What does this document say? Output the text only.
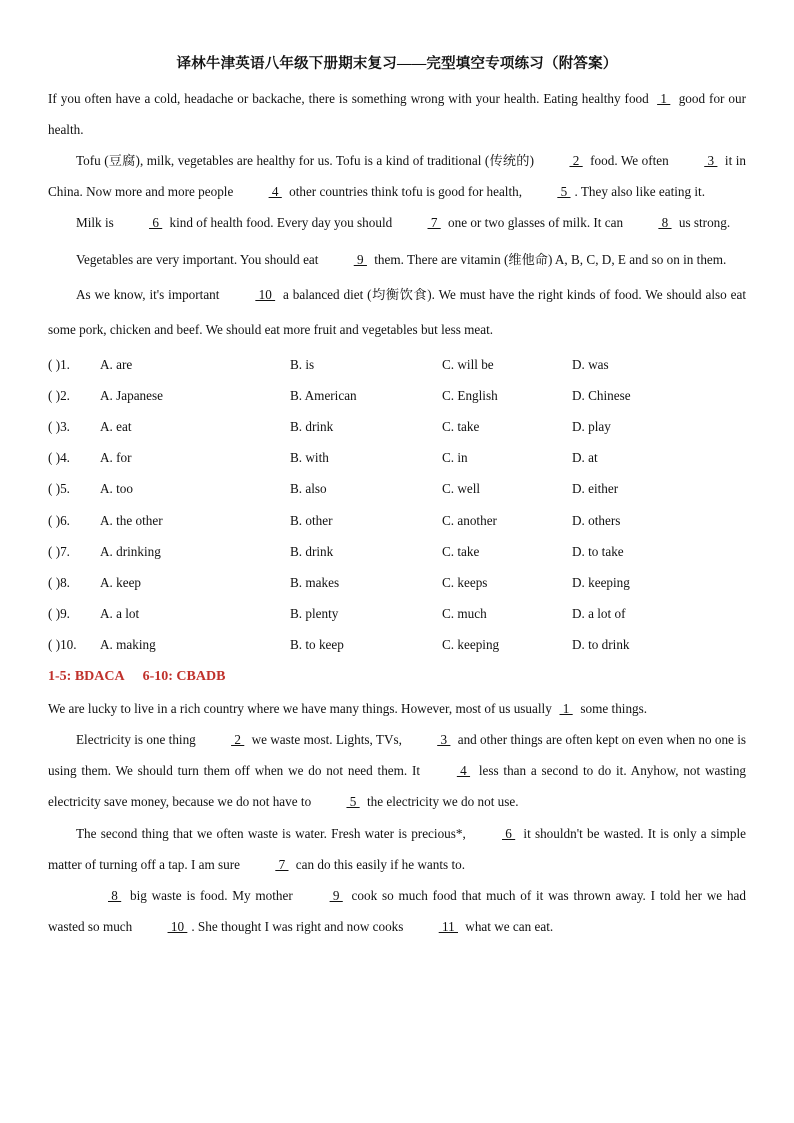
译林牛津英语八年级下册期末复习——完型填空专项练习（附答案）

If you often have a cold, headache or backache, there is something wrong with your health. Eating healthy food  1  good for our health.

Tofu (豆腐), milk, vegetables are healthy for us. Tofu is a kind of traditional (传统的)  2  food. We often  3  it in China. Now more and more people  4  other countries think tofu is good for health,  5 . They also like eating it.

Milk is  6  kind of health food. Every day you should  7  one or two glasses of milk. It can  8  us strong.

Vegetables are very important. You should eat  9  them. There are vitamin (维他命) A, B, C, D, E and so on in them.

As we know, it's important  10  a balanced diet (均衡饮食). We must have the right kinds of food. We should also eat some pork, chicken and beef. We should eat more fruit and vegetables but less meat.

( )1.	A. are	B. is	C. will be	D. was
( )2.	A. Japanese	B. American	C. English	D. Chinese
( )3.	A. eat	B. drink	C. take	D. play
( )4.	A. for	B. with	C. in	D. at
( )5.	A. too	B. also	C. well	D. either
( )6.	A. the other	B. other	C. another	D. others
( )7.	A. drinking	B. drink	C. take	D. to take
( )8.	A. keep	B. makes	C. keeps	D. keeping
( )9.	A. a lot	B. plenty	C. much	D. a lot of
( )10.	A. making	B. to keep	C. keeping	D. to drink
1-5: BDACA 6-10: CBADB

We are lucky to live in a rich country where we have many things. However, most of us usually  1  some things.

Electricity is one thing  2  we waste most. Lights, TVs,  3  and other things are often kept on even when no one is using them. We should turn them off when we do not need them. It  4  less than a second to do it. Anyhow, not wasting electricity save money, because we do not have to  5  the electricity we do not use.

The second thing that we often waste is water. Fresh water is precious*,  6  it shouldn't be wasted. It is only a simple matter of turning off a tap. I am sure  7  can do this easily if he wants to.

8  big waste is food. My mother  9  cook so much food that much of it was thrown away. I told her we had wasted so much  10 . She thought I was right and now cooks  11  what we can eat.
